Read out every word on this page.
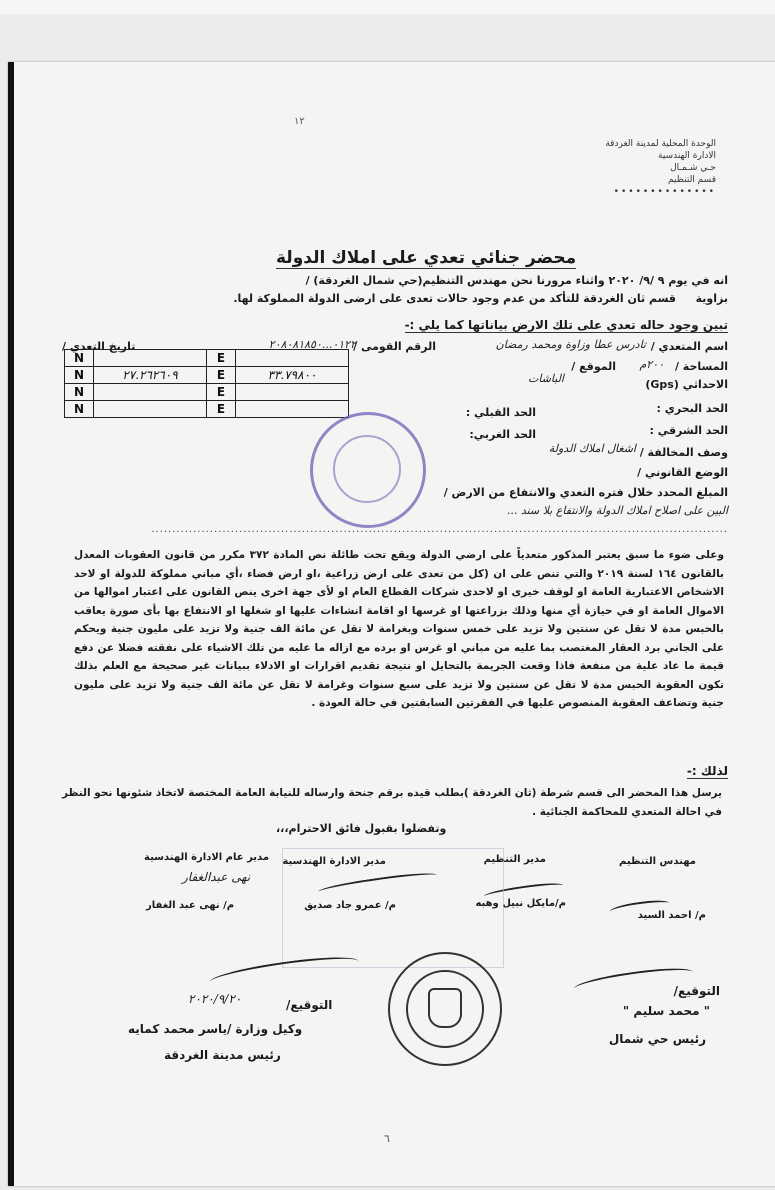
١٢
الوحدة المحلية لمدينة الغردقة
الادارة الهندسية
حـي شـمـال
قسم التنظيم
••••••••••••••
محضر جنائي تعدي على املاك الدولة
انه في يوم ٩ /٩/ ٢٠٢٠ واثناء مرورنا نحن مهندس التنظيم(حي شمال الغردقة) /
بزاوية
قسم ثان الغردقة للتأكد من عدم وجود حالات تعدى على ارضى الدولة المملوكة لها.
تبين وجود حاله تعدي على تلك الارض بياناتها كما يلي :-
اسم المتعدي /
تادرس عطا وزاوة ومحمد رمضان
الرقم القومى /
٠١٢٢...٢٠٨٠٨١٨٥٠
تاريخ التعدي /
المساحة /
٢٠٠م
الموقع /
الباشات	الاحداثي (Gps)
الحد البحري :
الحد القبلي :
الحد الشرقي :
الحد الغربي:
وصف المخالفة /
اشغال املاك الدولة
الوضع القانوني /
المبلغ المحدد خلال فتره التعدي والانتفاع من الارض /
البين على اصلاح املاك الدولة والانتفاع بلا سند ...
..........................................................................................................................................
N		E	
N	٢٧.٢٦٢٦٠٩	E	٣٣.٧٩٨٠٠
N		E	
N		E	
وعلى ضوء ما سبق يعتبر المذكور متعدياً على ارضي الدولة ويقع تحت طائلة نص المادة ٣٧٢ مكرر من قانون العقوبات المعدل بالقانون ١٦٤ لسنة ٢٠١٩ والتي تنص على ان (كل من تعدى على ارض زراعية ،او ارض فضاء ،أي مباني مملوكة للدولة او لاحد الاشخاص الاعتبارية العامة او لوقف خيرى او لاحدى شركات القطاع العام او لأى جهة اخرى ينص القانون على اعتبار اموالها من الاموال العامة او في حيازة أي منها وذلك بزراعتها او غرسها او اقامة انشاءات عليها او شغلها او الانتفاع بها بأى صورة يعاقب بالحبس مدة لا تقل عن سنتين ولا تزيد على خمس سنوات وبغرامة لا تقل عن مائة الف جنية ولا تزيد على مليون جنية ويحكم على الجاني برد العقار المغتصب بما عليه من مباني او غرس او برده مع ازاله ما عليه من تلك الاشياء على نفقته فضلا عن دفع قيمة ما عاد علية من منفعة فاذا وقعت الجريمة بالتحايل او نتيجة تقديم اقرارات او الادلاء ببيانات غير صحيحة مع العلم بذلك تكون العقوبة الحبس مدة لا تقل عن سنتين ولا تزيد على سبع سنوات وغرامة لا تقل عن مائة الف جنية ولا تزيد على مليون جنية وتضاعف العقوبة المنصوص عليها في الفقرتين السابقتين في حالة العودة .
لذلك :-
يرسل هذا المحضر الى قسم شرطة (ثان الغردقة )بطلب قيده برقم جنحة وارساله للنيابة العامة المختصة لاتخاذ شئونها نحو النظر في احالة المتعدي للمحاكمة الجنائية .
وتفضلوا بقبول فائق الاحترام،،،
مهندس التنظيم
مدير التنظيم
مدير الادارة الهندسية
مدير عام الادارة الهندسية
نهى عبدالغفار
م/ احمد السيد
م/مايكل نبيل وهبه
م/ عمرو جاد صديق
م/ نهى عبد الغفار
التوقيع/
" محمد سليم "
رئيس حي شمال
التوقيع/
٢٠٢٠/٩/٢٠
وكيل وزارة /ياسر محمد كمايه
رئيس مدينة الغردقة
٦
